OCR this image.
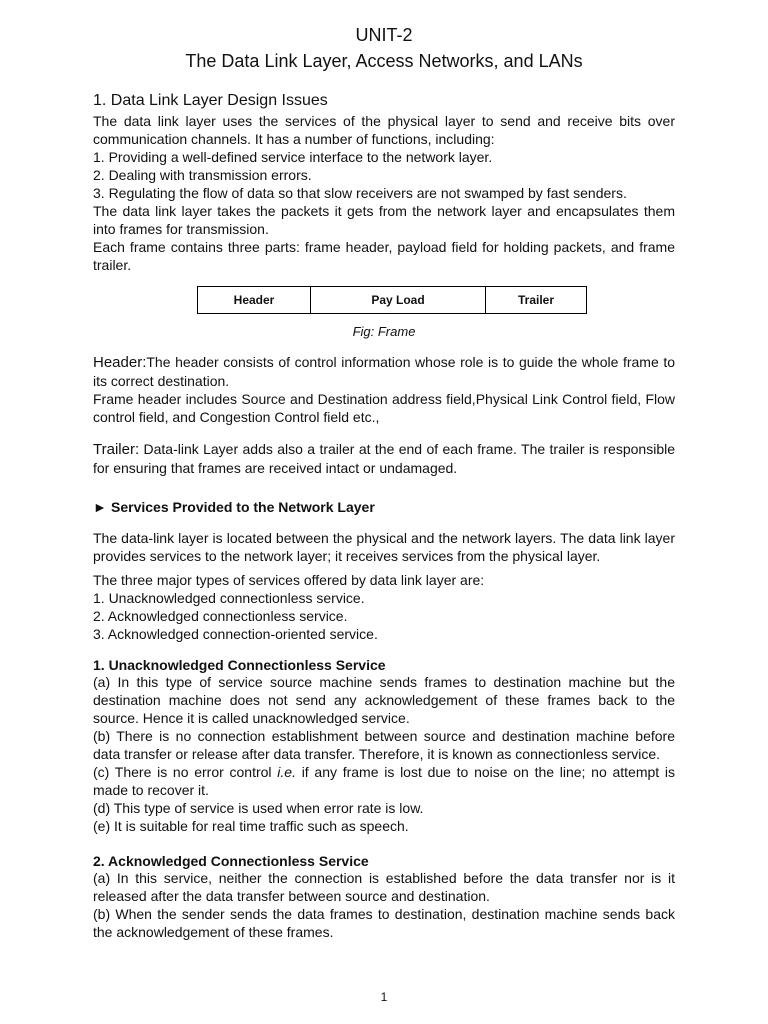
UNIT-2
The Data Link Layer, Access Networks, and LANs
1. Data Link Layer Design Issues

The data link layer uses the services of the physical layer to send and receive bits over communication channels. It has a number of functions, including:

1. Providing a well-defined service interface to the network layer.

2. Dealing with transmission errors.

3. Regulating the flow of data so that slow receivers are not swamped by fast senders.

The data link layer takes the packets it gets from the network layer and encapsulates them into frames for transmission.

Each frame contains three parts: frame header, payload field for holding packets, and frame trailer.

Header	Pay Load	Trailer
Fig: Frame

Header:The header consists of control information whose role is to guide the whole frame to its correct destination.

Frame header includes Source and Destination address field,Physical Link Control field, Flow control field, and Congestion Control field etc.,

Trailer: Data-link Layer adds also a trailer at the end of each frame. The trailer is responsible for ensuring that frames are received intact or undamaged.

► Services Provided to the Network Layer

The data-link layer is located between the physical and the network layers. The data link layer provides services to the network layer; it receives services from the physical layer.

The three major types of services offered by data link layer are:

1. Unacknowledged connectionless service.

2. Acknowledged connectionless service.

3. Acknowledged connection-oriented service.

1. Unacknowledged Connectionless Service

(a) In this type of service source machine sends frames to destination machine but the destination machine does not send any acknowledgement of these frames back to the source. Hence it is called unacknowledged service.

(b) There is no connection establishment between source and destination machine before data transfer or release after data transfer. Therefore, it is known as connectionless service.

(c) There is no error control i.e. if any frame is lost due to noise on the line; no attempt is made to recover it.

(d) This type of service is used when error rate is low.

(e) It is suitable for real time traffic such as speech.

2. Acknowledged Connectionless Service

(a) In this service, neither the connection is established before the data transfer nor is it released after the data transfer between source and destination.

(b) When the sender sends the data frames to destination, destination machine sends back the acknowledgement of these frames.

1
